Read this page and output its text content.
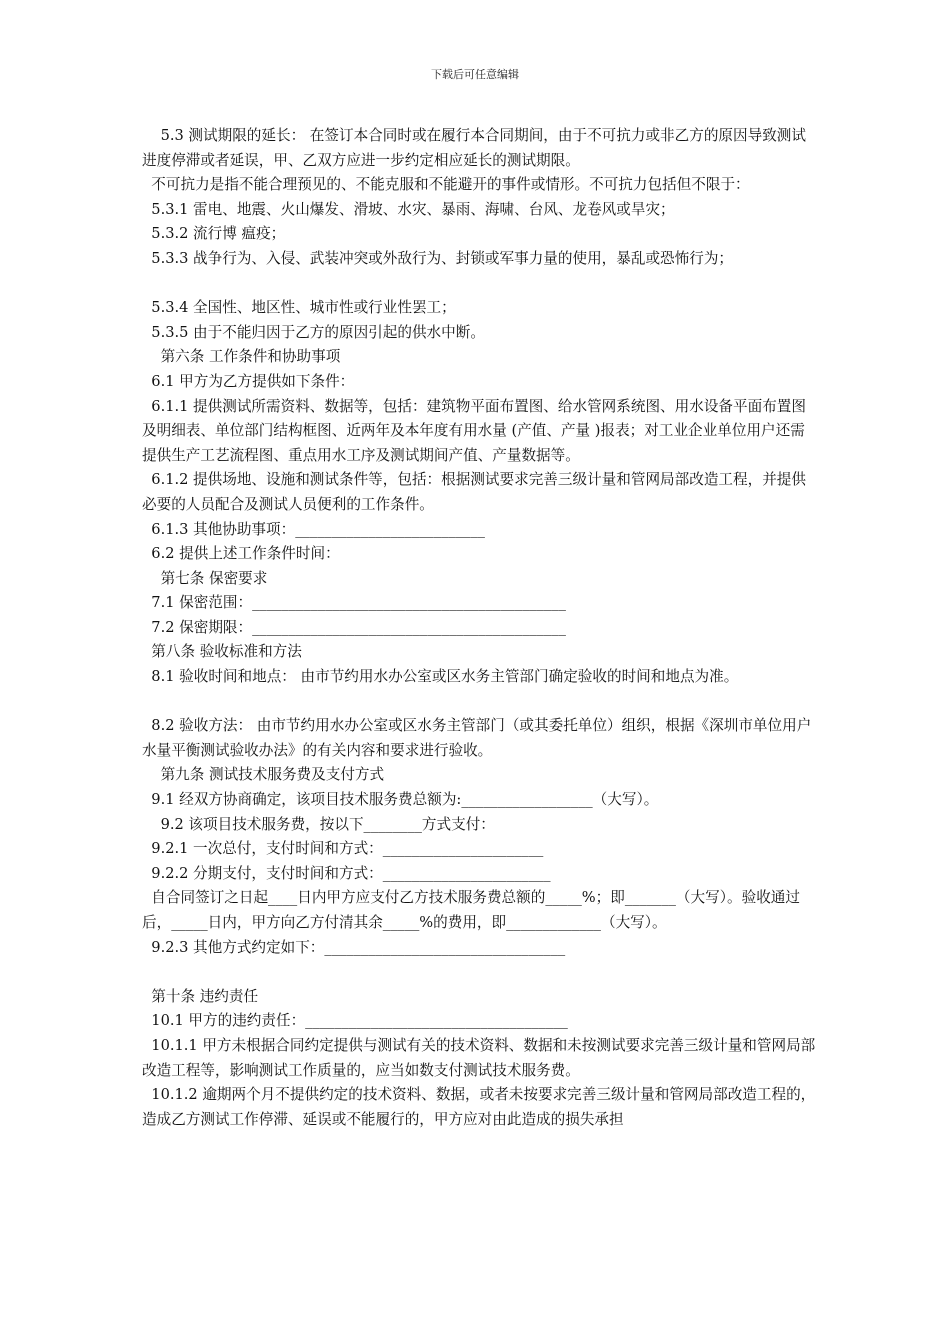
下载后可任意编辑

5.3 测试期限的延长： 在签订本合同时或在履行本合同期间，由于不可抗力或非乙方的原因导致测试进度停滞或者延误，甲、乙双方应进一步约定相应延长的测试期限。

不可抗力是指不能合理预见的、不能克服和不能避开的事件或情形。不可抗力包括但不限于：

5.3.1 雷电、地震、火山爆发、滑坡、水灾、暴雨、海啸、台风、龙卷风或旱灾；

5.3.2 流行博 瘟疫；

5.3.3 战争行为、入侵、武装冲突或外敌行为、封锁或军事力量的使用，暴乱或恐怖行为；

5.3.4 全国性、地区性、城市性或行业性罢工；

5.3.5 由于不能归因于乙方的原因引起的供水中断。

第六条 工作条件和协助事项

6.1 甲方为乙方提供如下条件：

6.1.1 提供测试所需资料、数据等，包括：建筑物平面布置图、给水管网系统图、用水设备平面布置图及明细表、单位部门结构框图、近两年及本年度有用水量 (产值、产量 )报表；对工业企业单位用户还需提供生产工艺流程图、重点用水工序及测试期间产值、产量数据等。

6.1.2 提供场地、设施和测试条件等，包括：根据测试要求完善三级计量和管网局部改造工程，并提供必要的人员配合及测试人员便利的工作条件。

6.1.3 其他协助事项：__________________________

6.2 提供上述工作条件时间：

第七条 保密要求

7.1 保密范围：___________________________________________

7.2 保密期限：___________________________________________

第八条 验收标准和方法

8.1 验收时间和地点： 由市节约用水办公室或区水务主管部门确定验收的时间和地点为准。

8.2 验收方法： 由市节约用水办公室或区水务主管部门（或其委托单位）组织，根据《深圳市单位用户水量平衡测试验收办法》的有关内容和要求进行验收。

第九条 测试技术服务费及支付方式

9.1 经双方协商确定，该项目技术服务费总额为:__________________（大写）。

9.2 该项目技术服务费，按以下________方式支付：

9.2.1 一次总付，支付时间和方式：______________________

9.2.2 分期支付，支付时间和方式：_______________________

自合同签订之日起____日内甲方应支付乙方技术服务费总额的_____%；即_______（大写）。验收通过后，_____日内，甲方向乙方付清其余_____%的费用，即_____________（大写）。

9.2.3 其他方式约定如下：_________________________________

第十条 违约责任

10.1 甲方的违约责任：____________________________________

10.1.1 甲方未根据合同约定提供与测试有关的技术资料、数据和未按测试要求完善三级计量和管网局部改造工程等，影响测试工作质量的，应当如数支付测试技术服务费。

10.1.2 逾期两个月不提供约定的技术资料、数据，或者未按要求完善三级计量和管网局部改造工程的，造成乙方测试工作停滞、延误或不能履行的，甲方应对由此造成的损失承担
